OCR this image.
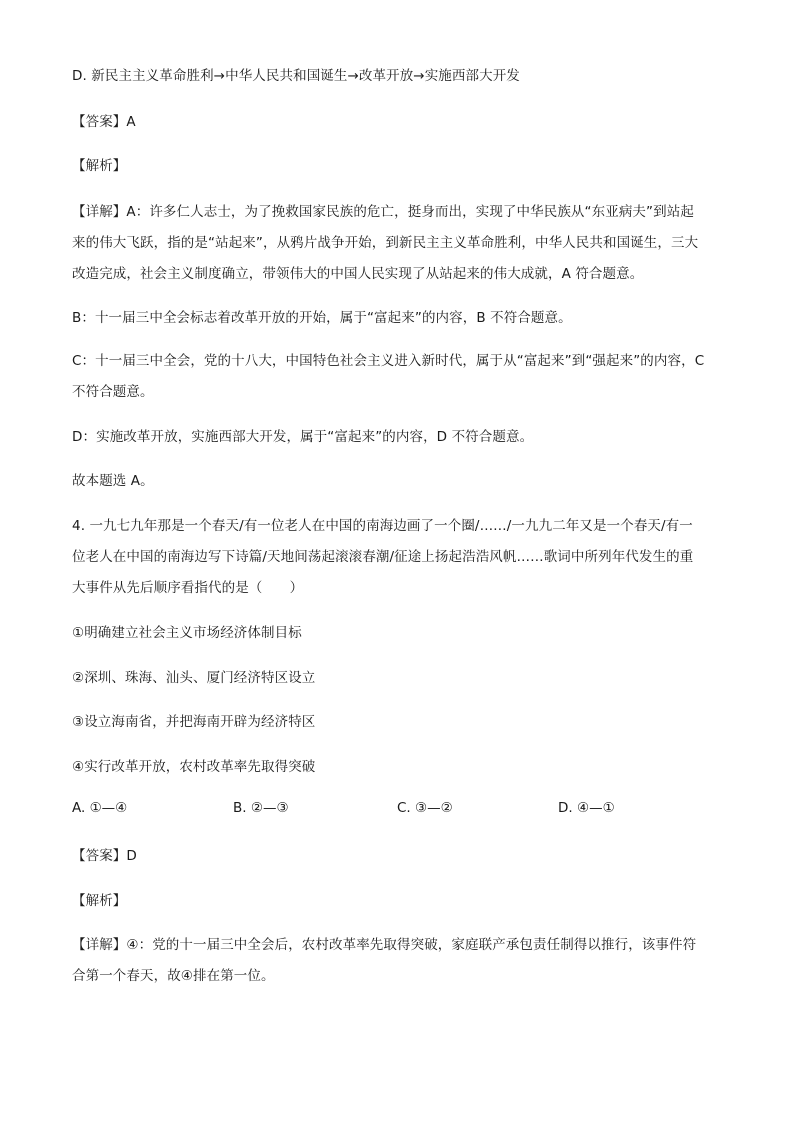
D. 新民主主义革命胜利→中华人民共和国诞生→改革开放→实施西部大开发
【答案】A
【解析】
【详解】A：许多仁人志士，为了挽救国家民族的危亡，挺身而出，实现了中华民族从“东亚病夫”到站起
来的伟大飞跃，指的是“站起来”，从鸦片战争开始，到新民主主义革命胜利，中华人民共和国诞生，三大
改造完成，社会主义制度确立，带领伟大的中国人民实现了从站起来的伟大成就，A 符合题意。
B：十一届三中全会标志着改革开放的开始，属于“富起来”的内容，B 不符合题意。
C：十一届三中全会，党的十八大，中国特色社会主义进入新时代，属于从“富起来”到“强起来”的内容，C
不符合题意。
D：实施改革开放，实施西部大开发，属于“富起来”的内容，D 不符合题意。
故本题选 A。
4. 一九七九年那是一个春天/有一位老人在中国的南海边画了一个圈/……/一九九二年又是一个春天/有一
位老人在中国的南海边写下诗篇/天地间荡起滚滚春潮/征途上扬起浩浩风帆……歌词中所列年代发生的重
大事件从先后顺序看指代的是（　　）
①明确建立社会主义市场经济体制目标
②深圳、珠海、汕头、厦门经济特区设立
③设立海南省，并把海南开辟为经济特区
④实行改革开放，农村改革率先取得突破
A. ①—④	B. ②—③	C. ③—②	D. ④—①
【答案】D
【解析】
【详解】④：党的十一届三中全会后，农村改革率先取得突破，家庭联产承包责任制得以推行，该事件符
合第一个春天，故④排在第一位。
